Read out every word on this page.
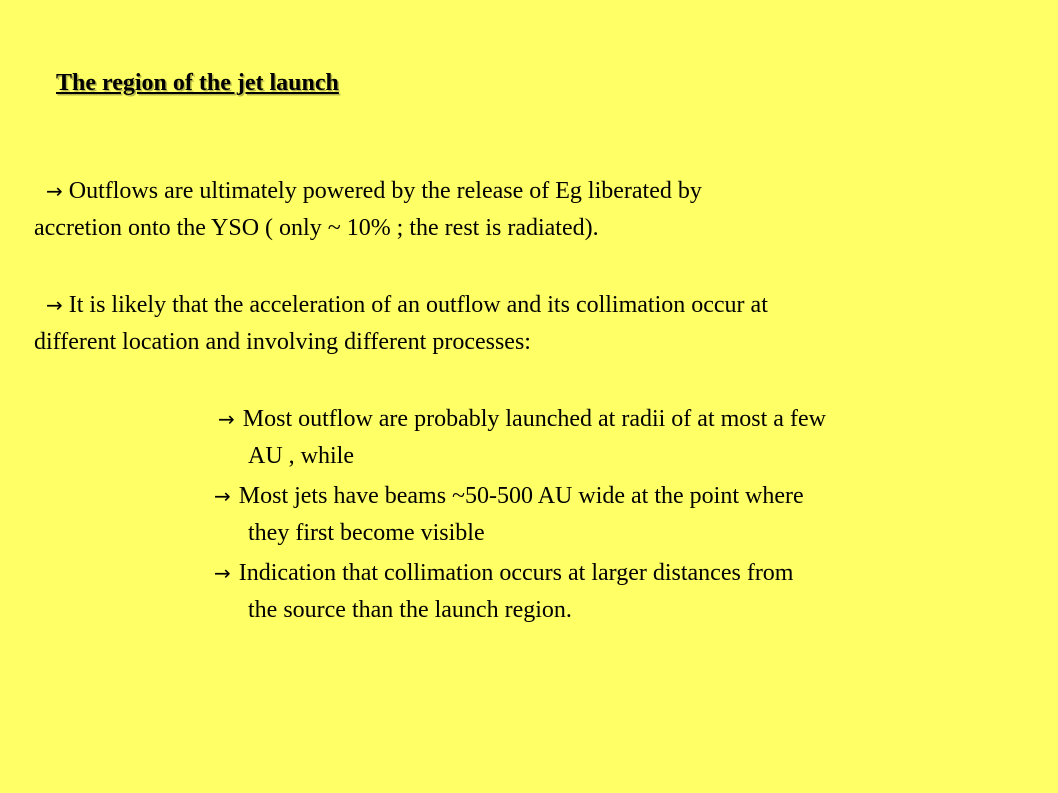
The region of the jet launch

→ Outflows are ultimately powered by the release of Eg liberated by
accretion onto the YSO ( only ~ 10% ; the rest is radiated).

→ It is likely that the acceleration of an outflow and its collimation occur at
different location and involving different processes:

→ Most outflow are probably launched at radii of at most a few
AU , while

→ Most jets have beams ~50-500 AU wide at the point where
they first become visible

→ Indication that collimation occurs at larger distances from
the source than the launch region.
